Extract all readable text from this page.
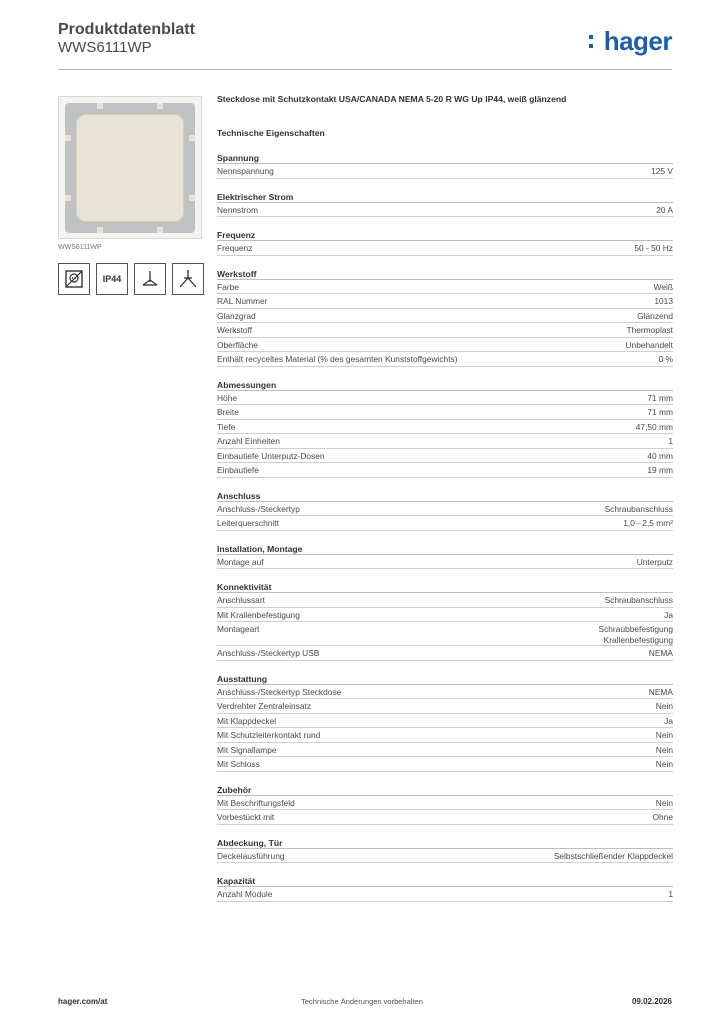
Produktdatenblatt
WWS6111WP	hager
WWS6111WP
IP44
Steckdose mit Schutzkontakt USA/CANADA NEMA 5-20 R WG Up IP44, weiß glänzend
Technische Eigenschaften
Spannung
Nennspannung	125 V
Elektrischer Strom
Nennstrom	20 A
Frequenz
Frequenz	50 - 50 Hz
Werkstoff
Farbe	Weiß
RAL Nummer	1013
Glanzgrad	Glänzend
Werkstoff	Thermoplast
Oberfläche	Unbehandelt
Enthält recyceltes Material (% des gesamten Kunststoffgewichts)	0 %
Abmessungen
Höhe	71 mm
Breite	71 mm
Tiefe	47,50 mm
Anzahl Einheiten	1
Einbautiefe Unterputz-Dosen	40 mm
Einbautiefe	19 mm
Anschluss
Anschluss-/Steckertyp	Schraubanschluss
Leiterquerschnitt	1,0 - 2,5 mm²
Installation, Montage
Montage auf	Unterputz
Konnektivität
Anschlussart	Schraubanschluss
Mit Krallenbefestigung	Ja
Montageart	Schraubbefestigung
Krallenbefestigung
Anschluss-/Steckertyp USB	NEMA
Ausstattung
Anschluss-/Steckertyp Steckdose	NEMA
Verdrehter Zentraleinsatz	Nein
Mit Klappdeckel	Ja
Mit Schutzleiterkontakt rund	Nein
Mit Signallampe	Nein
Mit Schloss	Nein
Zubehör
Mit Beschriftungsfeld	Nein
Vorbestückt mit	Ohne
Abdeckung, Tür
Deckelausführung	Selbstschließender Klappdeckel
Kapazität
Anzahl Module	1
hager.com/at	Technische Änderungen vorbehalten	09.02.2026
